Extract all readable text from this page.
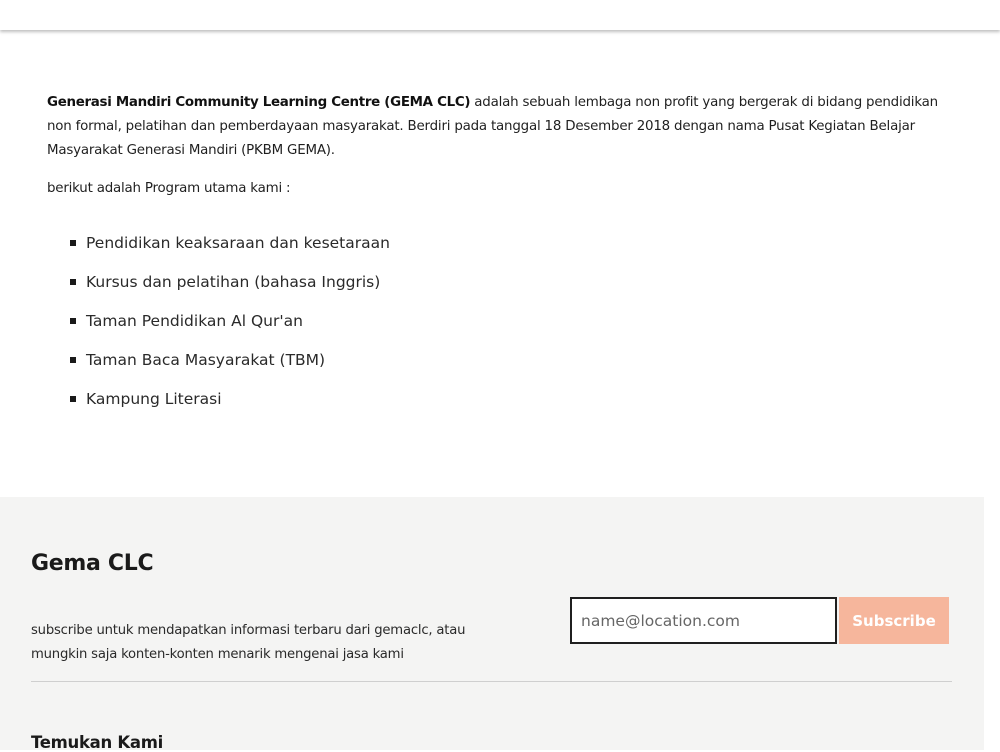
Generasi Mandiri Community Learning Centre (GEMA CLC) adalah sebuah lembaga non profit yang bergerak di bidang pendidikan non formal, pelatihan dan pemberdayaan masyarakat. Berdiri pada tanggal 18 Desember 2018 dengan nama Pusat Kegiatan Belajar Masyarakat Generasi Mandiri (PKBM GEMA).

berikut adalah Program utama kami :

Pendidikan keaksaraan dan kesetaraan
Kursus dan pelatihan (bahasa Inggris)
Taman Pendidikan Al Qur'an
Taman Baca Masyarakat (TBM)
Kampung Literasi
Gema CLC

subscribe untuk mendapatkan informasi terbaru dari gemaclc, atau mungkin saja konten-konten menarik mengenai jasa kami

name@location.com
Subscribe
Temukan Kami
